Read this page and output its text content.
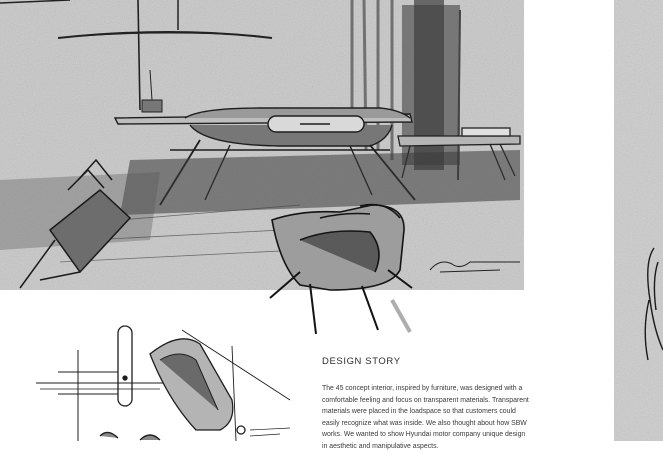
DESIGN STORY

The 45 concept interior, inspired by furniture, was designed with a comfortable feeling and focus on transparent materials. Transparent materials were placed in the loadspace so that customers could easily recognize what was inside. We also thought about how SBW works. We wanted to show Hyundai motor company unique design in aesthetic and manipulative aspects.
